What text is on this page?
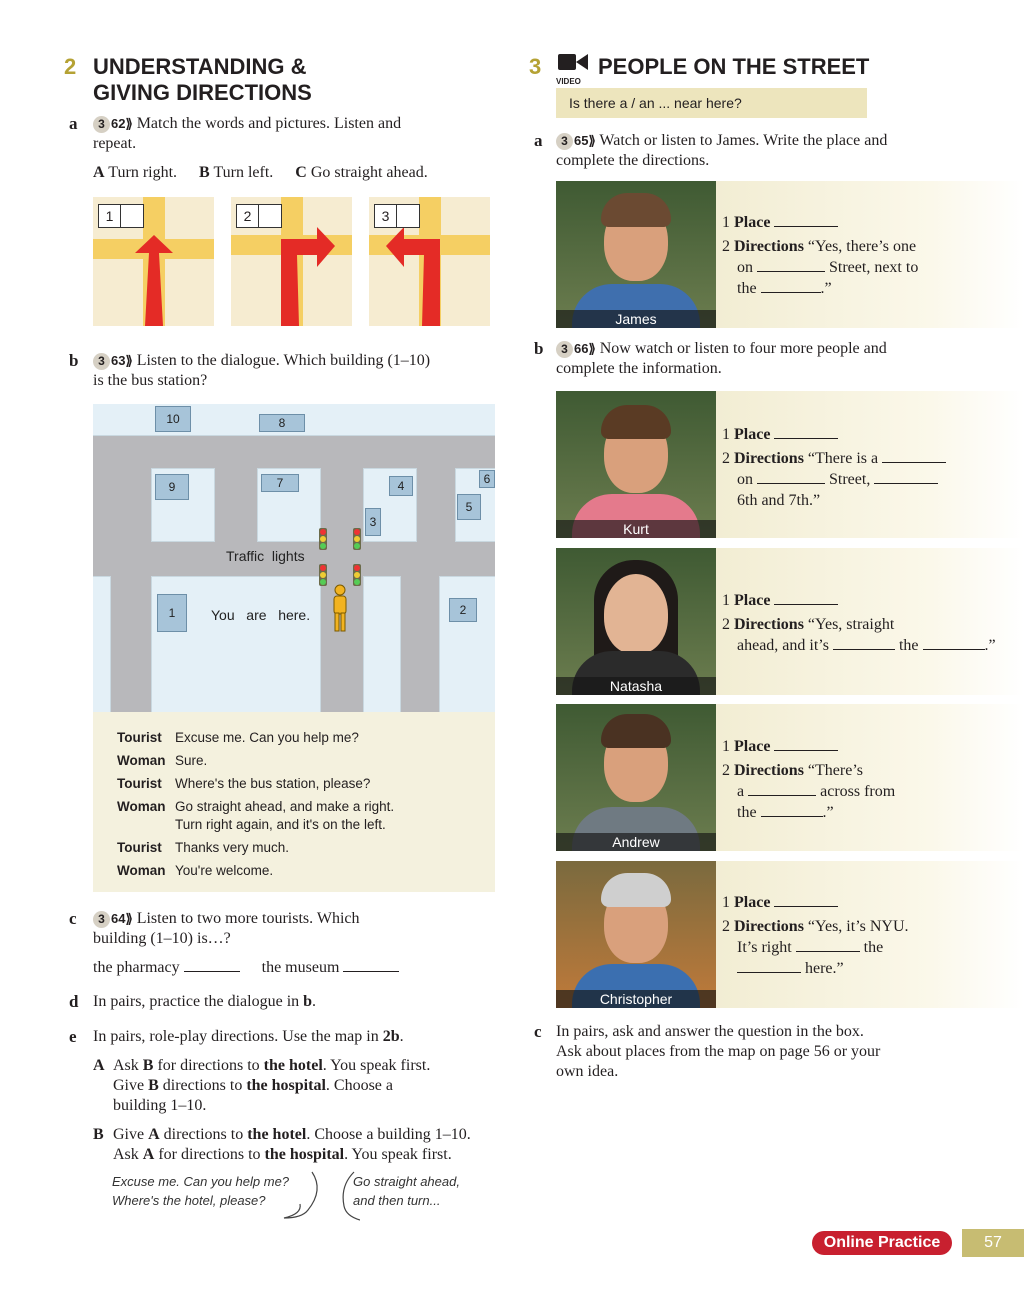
2 UNDERSTANDING &
GIVING DIRECTIONS
a	3 62⟫ Match the words and pictures. Listen and
repeat.
A Turn right. B Turn left. C Go straight ahead.
1	2	3
b	3 63⟫ Listen to the dialogue. Which building (1–10)
is the bus station?
10	8
9	7	4	6
5
3
1	2
Traffic lights
You   are   here.
Tourist Excuse me. Can you help me?
Woman Sure.
Tourist Where's the bus station, please?
Woman Go straight ahead, and make a right.
Turn right again, and it's on the left.
Tourist Thanks very much.
Woman You're welcome.
c	3 64⟫ Listen to two more tourists. Which
building (1–10) is…?
the pharmacy	the museum
d In pairs, practice the dialogue in b.
e In pairs, role-play directions. Use the map in 2b.
A Ask B for directions to the hotel. You speak first.
Give B directions to the hospital. Choose a
building 1–10.
B Give A directions to the hotel. Choose a building 1–10.
Ask A for directions to the hospital. You speak first.
Excuse me. Can you help me?
Where's the hotel, please?
Go straight ahead,
and then turn...
3
VIDEO
PEOPLE ON THE STREET
Is there a / an ... near here?
a	3 65⟫ Watch or listen to James. Write the place and
complete the directions.
James
1 Place
2 Directions “Yes, there’s one
on	Street, next to
the	.”
b	3 66⟫ Now watch or listen to four more people and
complete the information.
Kurt
1 Place
2 Directions “There is a
on	Street,
6th and 7th.”
Natasha
1 Place
2 Directions “Yes, straight
ahead, and it’s	the	.”
Andrew
1 Place
2 Directions “There’s
a	across from
the	.”
Christopher
1 Place
2 Directions “Yes, it’s NYU.
It’s right	the
here.”
c In pairs, ask and answer the question in the box.
Ask about places from the map on page 56 or your
own idea.
Online Practice	57
